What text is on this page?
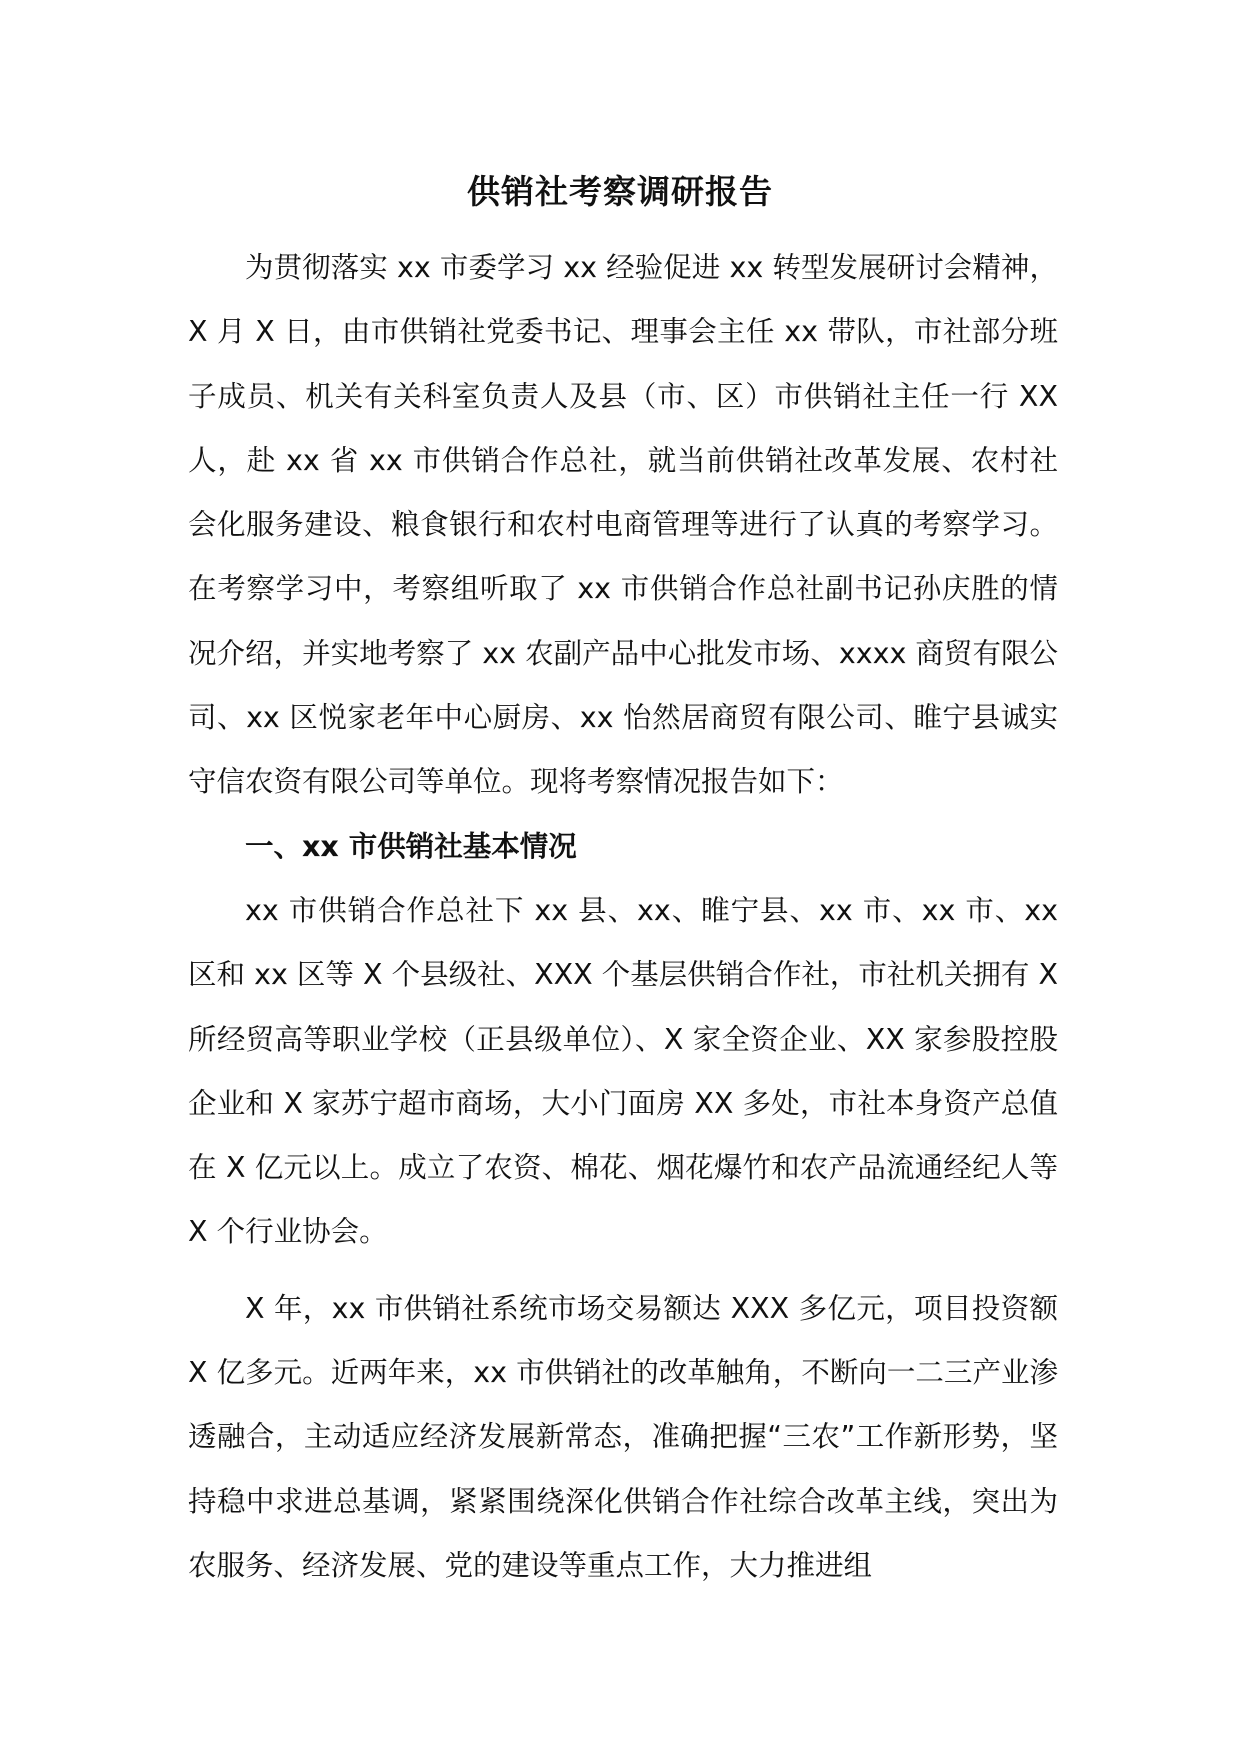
供销社考察调研报告

为贯彻落实 xx 市委学习 xx 经验促进 xx 转型发展研讨会精神，X 月 X 日，由市供销社党委书记、理事会主任 xx 带队，市社部分班子成员、机关有关科室负责人及县（市、区）市供销社主任一行 XX 人，赴 xx 省 xx 市供销合作总社，就当前供销社改革发展、农村社会化服务建设、粮食银行和农村电商管理等进行了认真的考察学习。在考察学习中，考察组听取了 xx 市供销合作总社副书记孙庆胜的情况介绍，并实地考察了 xx 农副产品中心批发市场、xxxx 商贸有限公司、xx 区悦家老年中心厨房、xx 怡然居商贸有限公司、睢宁县诚实守信农资有限公司等单位。现将考察情况报告如下：

一、xx 市供销社基本情况

xx 市供销合作总社下 xx 县、xx、睢宁县、xx 市、xx 市、xx 区和 xx 区等 X 个县级社、XXX 个基层供销合作社，市社机关拥有 X 所经贸高等职业学校（正县级单位）、X 家全资企业、XX 家参股控股企业和 X 家苏宁超市商场，大小门面房 XX 多处，市社本身资产总值在 X 亿元以上。成立了农资、棉花、烟花爆竹和农产品流通经纪人等 X 个行业协会。

X 年，xx 市供销社系统市场交易额达 XXX 多亿元，项目投资额 X 亿多元。近两年来，xx 市供销社的改革触角，不断向一二三产业渗透融合，主动适应经济发展新常态，准确把握“三农”工作新形势，坚持稳中求进总基调，紧紧围绕深化供销合作社综合改革主线，突出为农服务、经济发展、党的建设等重点工作，大力推进组
